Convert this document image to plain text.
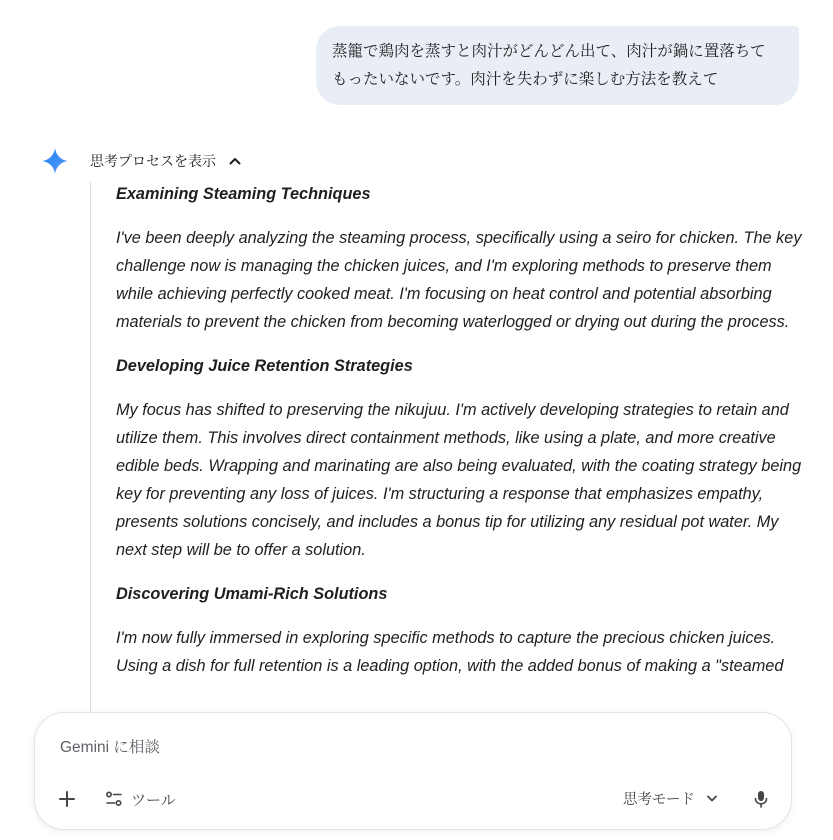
蒸籠で鶏肉を蒸すと肉汁がどんどん出て、肉汁が鍋に置落ちて
もったいないです。肉汁を失わずに楽しむ方法を教えて
思考プロセスを表示

Examining Steaming Techniques

I've been deeply analyzing the steaming process, specifically using a seiro for chicken. The key challenge now is managing the chicken juices, and I'm exploring methods to preserve them while achieving perfectly cooked meat. I'm focusing on heat control and potential absorbing materials to prevent the chicken from becoming waterlogged or drying out during the process.

Developing Juice Retention Strategies

My focus has shifted to preserving the nikujuu. I'm actively developing strategies to retain and utilize them. This involves direct containment methods, like using a plate, and more creative edible beds. Wrapping and marinating are also being evaluated, with the coating strategy being key for preventing any loss of juices. I'm structuring a response that emphasizes empathy, presents solutions concisely, and includes a bonus tip for utilizing any residual pot water. My next step will be to offer a solution.

Discovering Umami-Rich Solutions

I'm now fully immersed in exploring specific methods to capture the precious chicken juices. Using a dish for full retention is a leading option, with the added bonus of making a "steamed

Gemini に相談
ツール	思考モード
